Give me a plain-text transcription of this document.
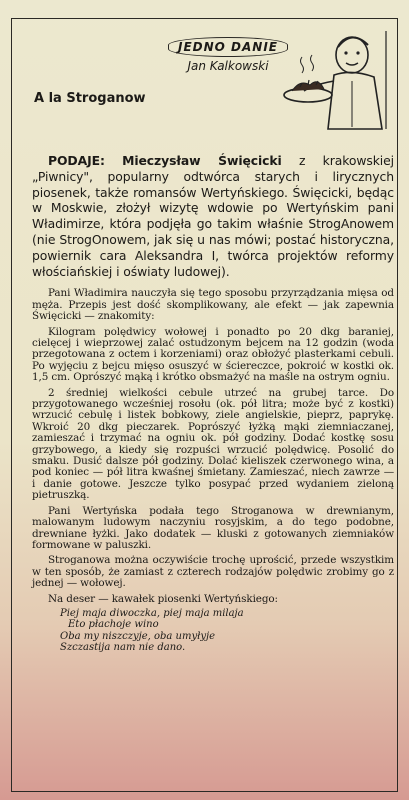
JEDNO DANIE
Jan Kalkowski
A la Stroganow

PODAJE: Mieczysław Święcicki z krakowskiej „Piwnicy", popularny odtwórca starych i lirycznych piosenek, także romansów Wertyńskiego. Święcicki, będąc w Moskwie, złożył wizytę wdowie po Wertyńskim pani Władimirze, która podjęła go takim właśnie StrogAnowem (nie StrogOnowem, jak się u nas mówi; postać historyczna, powiernik cara Aleksandra I, twórca projektów reformy włościańskiej i oświaty ludowej).

Pani Władimira nauczyła się tego sposobu przyrządzania mięsa od męża. Przepis jest dość skomplikowany, ale efekt — jak zapewnia Święcicki — znakomity:

Kilogram polędwicy wołowej i ponadto po 20 dkg baraniej, cielęcej i wieprzowej zalać ostudzonym bejcem na 12 godzin (woda przegotowana z octem i korzeniami) oraz obłożyć plasterkami cebuli. Po wyjęciu z bejcu mięso osuszyć w ściereczce, pokroić w kostki ok. 1,5 cm. Oprószyć mąką i krótko obsmażyć na maśle na ostrym ogniu.

2 średniej wielkości cebule utrzeć na grubej tarce. Do przygotowanego wcześniej rosołu (ok. pół litra; może być z kostki) wrzucić cebulę i listek bobkowy, ziele angielskie, pieprz, paprykę. Wkroić 20 dkg pieczarek. Poprószyć łyżką mąki ziemniaczanej, zamieszać i trzymać na ogniu ok. pół godziny. Dodać kostkę sosu grzybowego, a kiedy się rozpuści wrzucić polędwicę. Posolić do smaku. Dusić dalsze pół godziny. Dolać kieliszek czerwonego wina, a pod koniec — pół litra kwaśnej śmietany. Zamieszać, niech zawrze — i danie gotowe. Jeszcze tylko posypać przed wydaniem zieloną pietruszką.

Pani Wertyńska podała tego Stroganowa w drewnianym, malowanym ludowym naczyniu rosyjskim, a do tego podobne, drewniane łyżki. Jako dodatek — kluski z gotowanych ziemniaków formowane w paluszki.

Stroganowa można oczywiście trochę uprościć, przede wszystkim w ten sposób, że zamiast z czterech rodzajów polędwic zrobimy go z jednej — wołowej.

Na deser — kawałek piosenki Wertyńskiego:

Piej maja diwoczka, piej maja milaja
Eto płachoje wino
Oba my niszczyje, oba umyłyje
Szczastija nam nie dano.
